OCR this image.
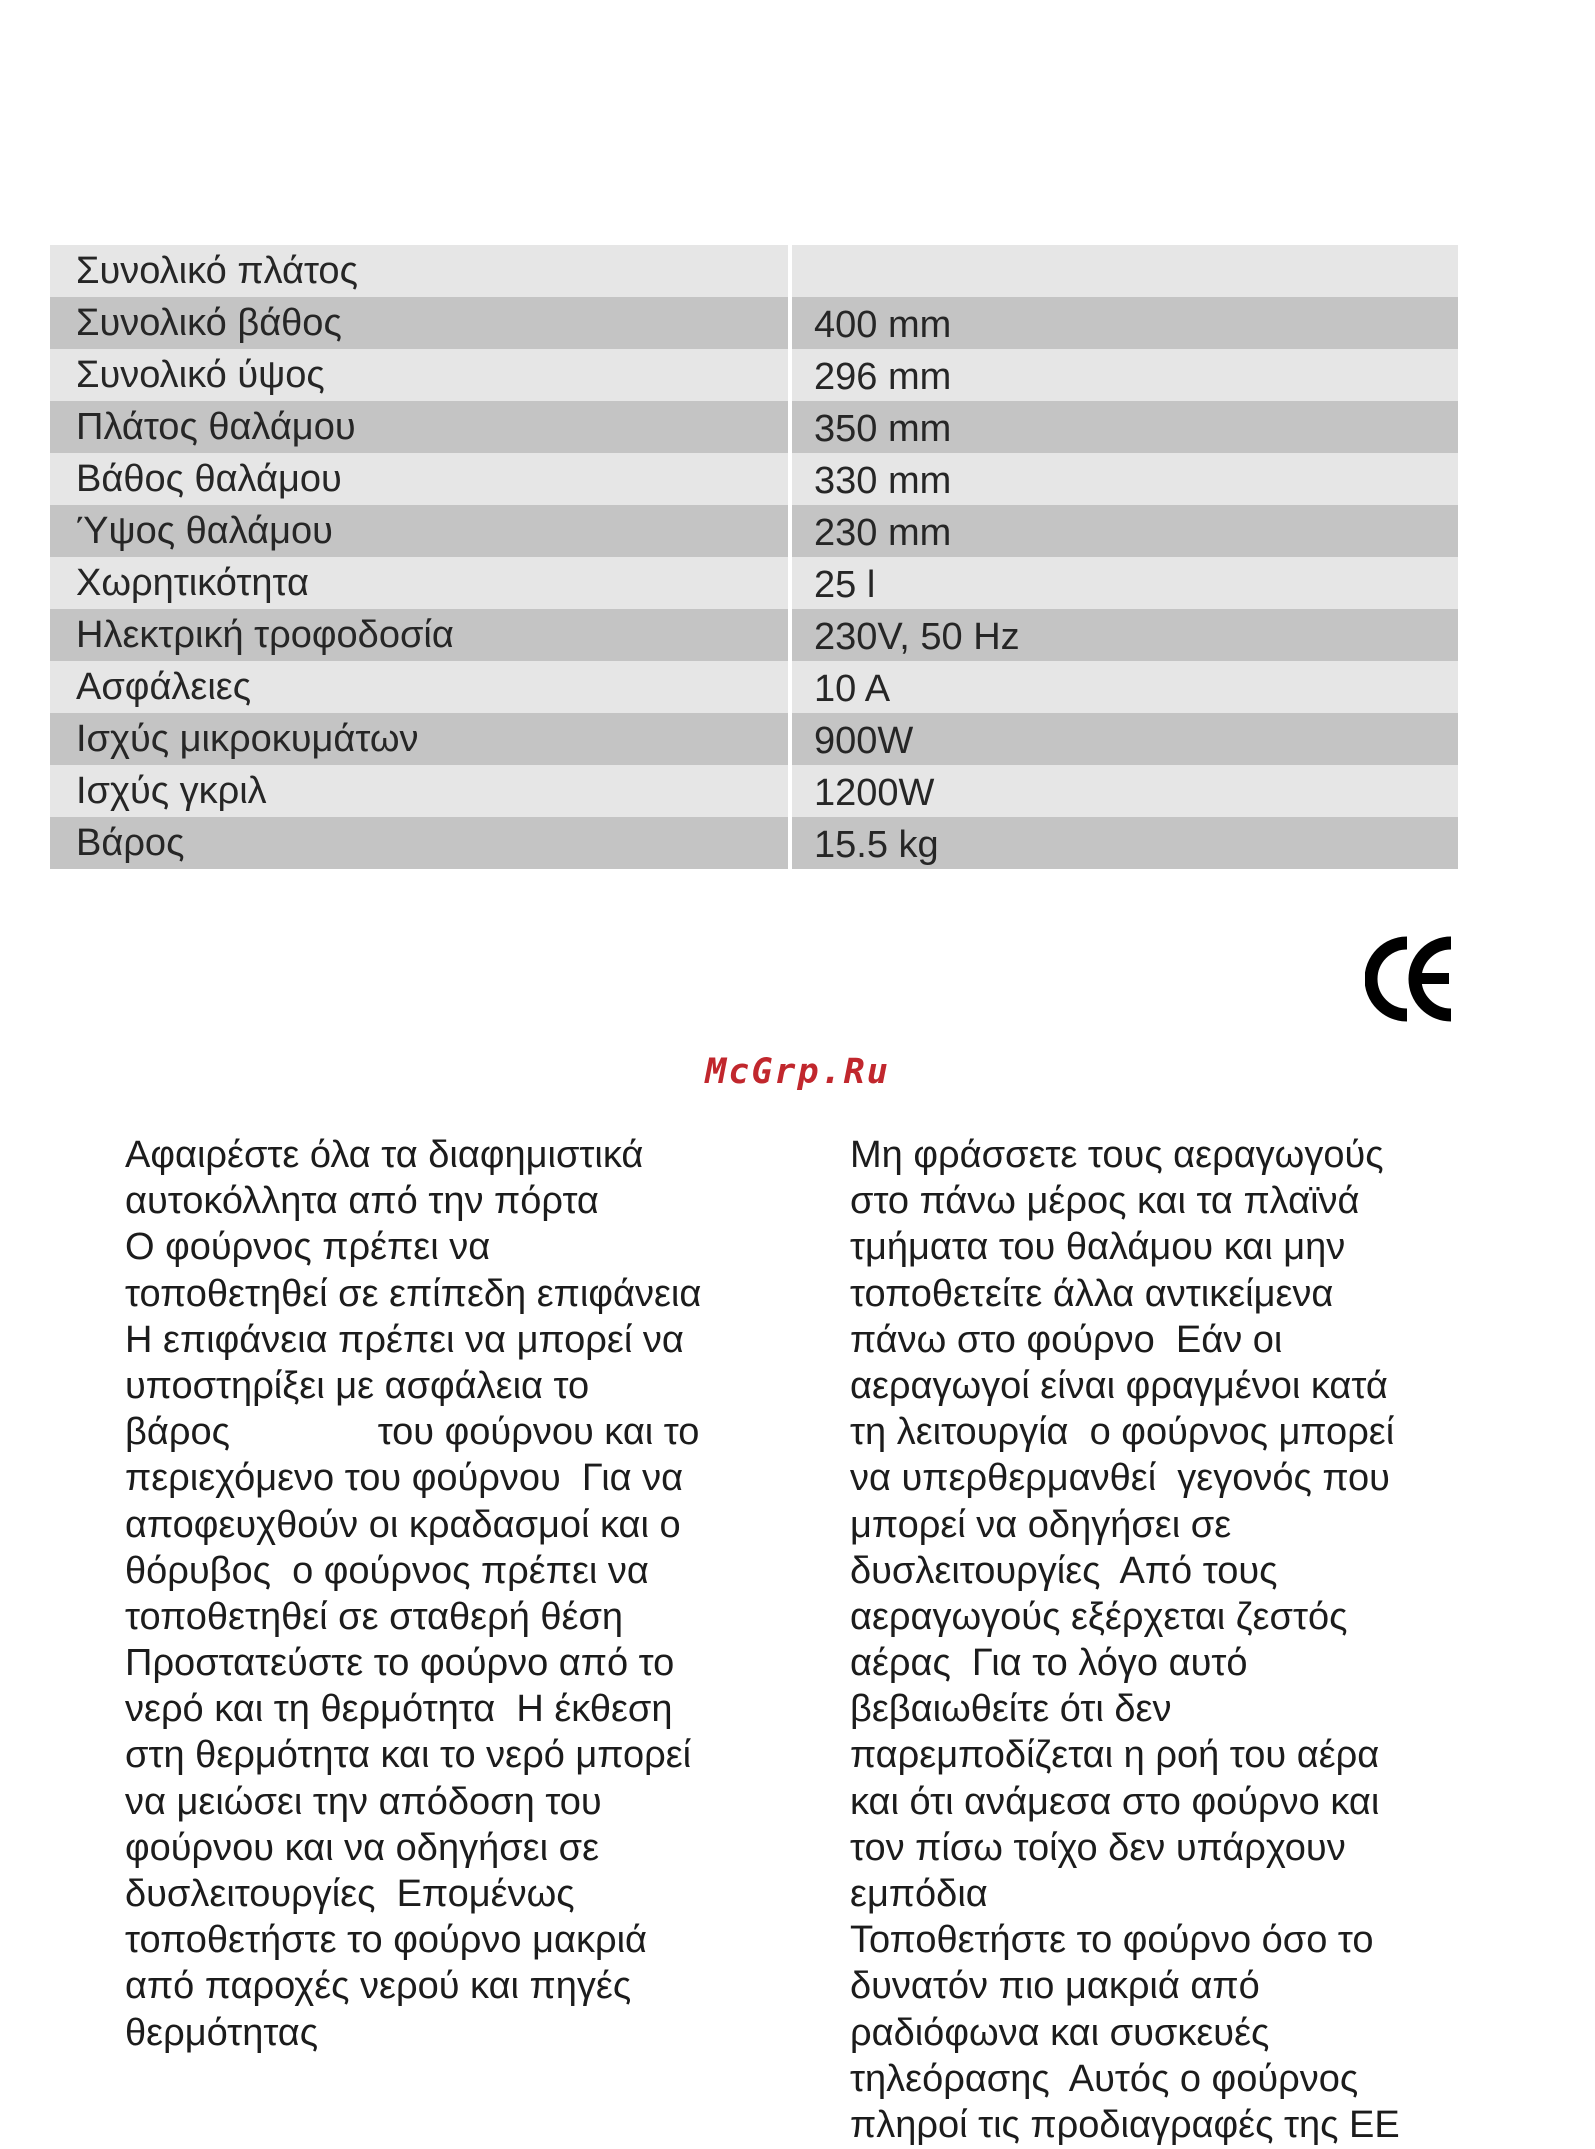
Συνολικό πλάτος	
Συνολικό βάθος	400 mm
Συνολικό ύψος	296 mm
Πλάτος θαλάμου	350 mm
Βάθος θαλάμου	330 mm
Ύψος θαλάμου	230 mm
Χωρητικότητα	25 l
Ηλεκτρική τροφοδοσία	230V, 50 Hz
Ασφάλειες	10 A
Ισχύς μικροκυμάτων	900W
Ισχύς γκριλ	1200W
Βάρος	15.5 kg
McGrp.Ru
Αφαιρέστε όλα τα διαφημιστικά
αυτοκόλλητα από την πόρτα
Ο φούρνος πρέπει να
τοποθετηθεί σε επίπεδη επιφάνεια
Η επιφάνεια πρέπει να μπορεί να
υποστηρίξει με ασφάλεια το
βάρος              του φούρνου και το
περιεχόμενο του φούρνου  Για να
αποφευχθούν οι κραδασμοί και ο
θόρυβος  ο φούρνος πρέπει να
τοποθετηθεί σε σταθερή θέση
Προστατεύστε το φούρνο από το
νερό και τη θερμότητα  Η έκθεση
στη θερμότητα και το νερό μπορεί
να μειώσει την απόδοση του
φούρνου και να οδηγήσει σε
δυσλειτουργίες  Επομένως
τοποθετήστε το φούρνο μακριά
από παροχές νερού και πηγές
θερμότητας
Μη φράσσετε τους αεραγωγούς
στο πάνω μέρος και τα πλαϊνά
τμήματα του θαλάμου και μην
τοποθετείτε άλλα αντικείμενα
πάνω στο φούρνο  Εάν οι
αεραγωγοί είναι φραγμένοι κατά
τη λειτουργία  ο φούρνος μπορεί
να υπερθερμανθεί  γεγονός που
μπορεί να οδηγήσει σε
δυσλειτουργίες  Από τους
αεραγωγούς εξέρχεται ζεστός
αέρας  Για το λόγο αυτό
βεβαιωθείτε ότι δεν
παρεμποδίζεται η ροή του αέρα
και ότι ανάμεσα στο φούρνο και
τον πίσω τοίχο δεν υπάρχουν
εμπόδια
Τοποθετήστε το φούρνο όσο το
δυνατόν πιο μακριά από
ραδιόφωνα και συσκευές
τηλεόρασης  Αυτός ο φούρνος
πληροί τις προδιαγραφές της ΕΕ
